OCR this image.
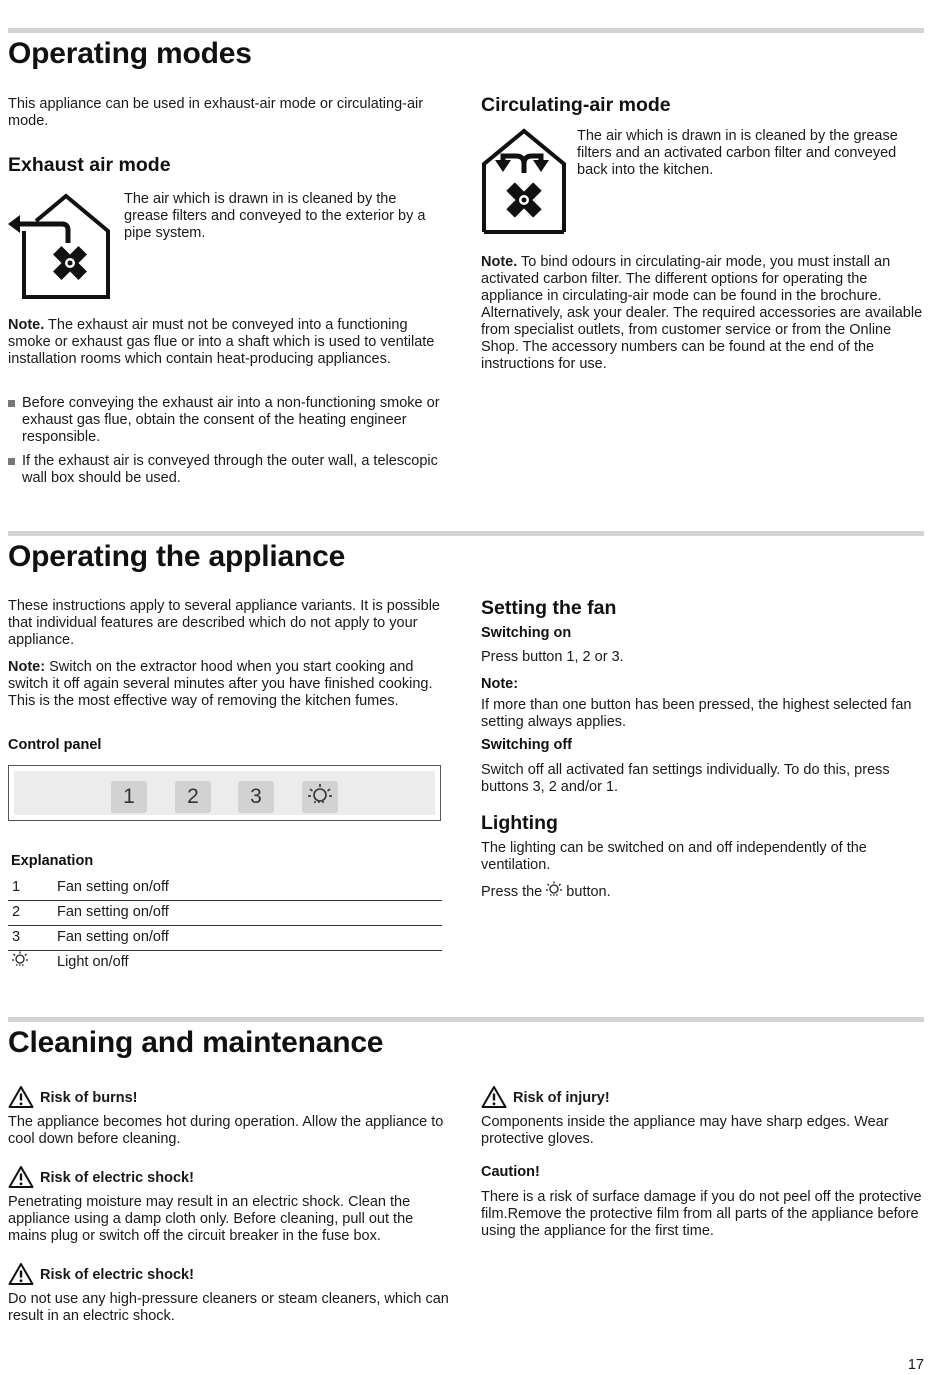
Operating modes

This appliance can be used in exhaust-air mode or circulating-air mode.

Exhaust air mode

The air which is drawn in is cleaned by the grease filters and conveyed to the exterior by a pipe system.

Note. The exhaust air must not be conveyed into a functioning smoke or exhaust gas flue or into a shaft which is used to ventilate installation rooms which contain heat-producing appliances.

Before conveying the exhaust air into a non-functioning smoke or exhaust gas flue, obtain the consent of the heating engineer responsible.
If the exhaust air is conveyed through the outer wall, a telescopic wall box should be used.
Circulating-air mode

The air which is drawn in is cleaned by the grease filters and an activated carbon filter and conveyed back into the kitchen.

Note. To bind odours in circulating-air mode, you must install an activated carbon filter. The different options for operating the appliance in circulating-air mode can be found in the brochure. Alternatively, ask your dealer. The required accessories are available from specialist outlets, from customer service or from the Online Shop. The accessory numbers can be found at the end of the instructions for use.

Operating the appliance

These instructions apply to several appliance variants. It is possible that individual features are described which do not apply to your appliance.

Note: Switch on the extractor hood when you start cooking and switch it off again several minutes after you have finished cooking. This is the most effective way of removing the kitchen fumes.

Control panel
1	2	3
Explanation
1	Fan setting on/off
2	Fan setting on/off
3	Fan setting on/off
Light on/off
Setting the fan
Switching on

Press button 1, 2 or 3.

Note:

If more than one button has been pressed, the highest selected fan setting always applies.

Switching off

Switch off all activated fan settings individually. To do this, press buttons 3, 2 and/or 1.

Lighting

The lighting can be switched on and off independently of the ventilation.

Press the  button.

Cleaning and maintenance
Risk of burns!

The appliance becomes hot during operation. Allow the appliance to cool down before cleaning.

Risk of electric shock!

Penetrating moisture may result in an electric shock. Clean the appliance using a damp cloth only. Before cleaning, pull out the mains plug or switch off the circuit breaker in the fuse box.

Risk of electric shock!

Do not use any high-pressure cleaners or steam cleaners, which can result in an electric shock.

Risk of injury!

Components inside the appliance may have sharp edges. Wear protective gloves.

Caution!

There is a risk of surface damage if you do not peel off the protective film.Remove the protective film from all parts of the appliance before using the appliance for the first time.

17
